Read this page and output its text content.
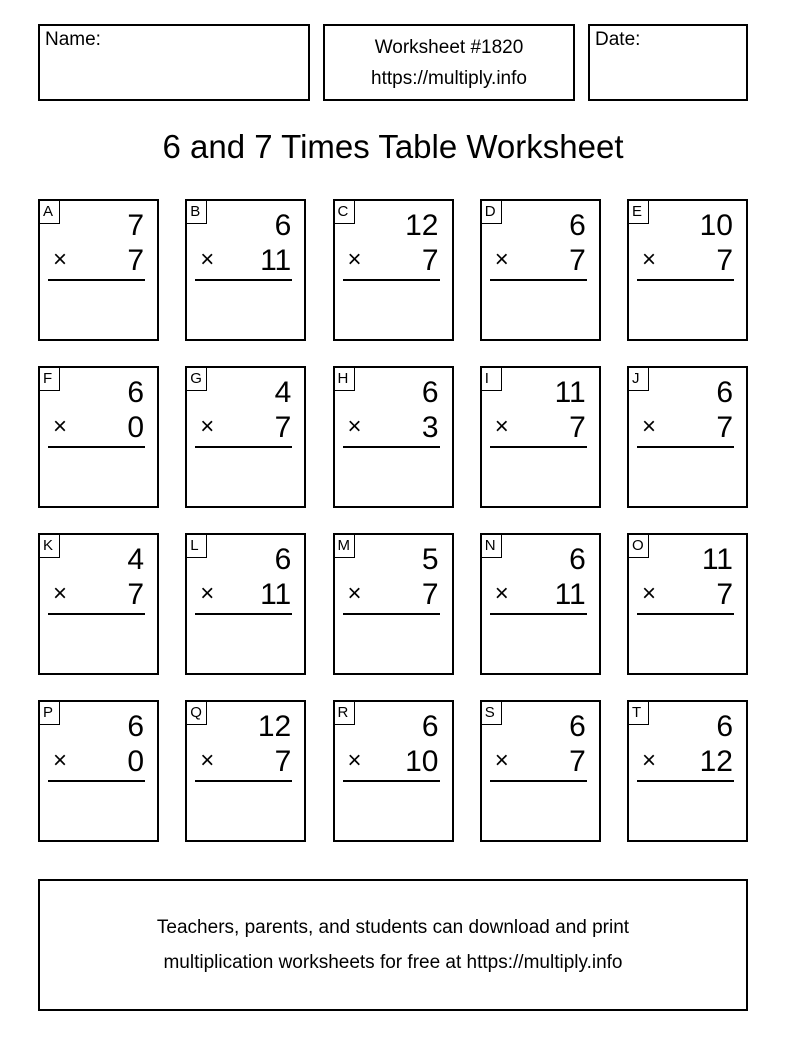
Name:	Worksheet #1820
https://multiply.info
Date:
6 and 7 Times Table Worksheet
A 7
× 7
B 6
× 11
C 12
× 7
D 6
× 7
E 10
× 7
F	6
× 0
G 4
× 7
H 6
× 3
I	11
× 7
J	6
× 7
K 4
× 7
L	6
× 11
M 5
× 7
N 6
× 11
O 11
× 7
P 6
× 0
Q 12
× 7
R 6
× 10
S 6
× 7
T	6
× 12
Teachers, parents, and students can download and print
multiplication worksheets for free at https://multiply.info
